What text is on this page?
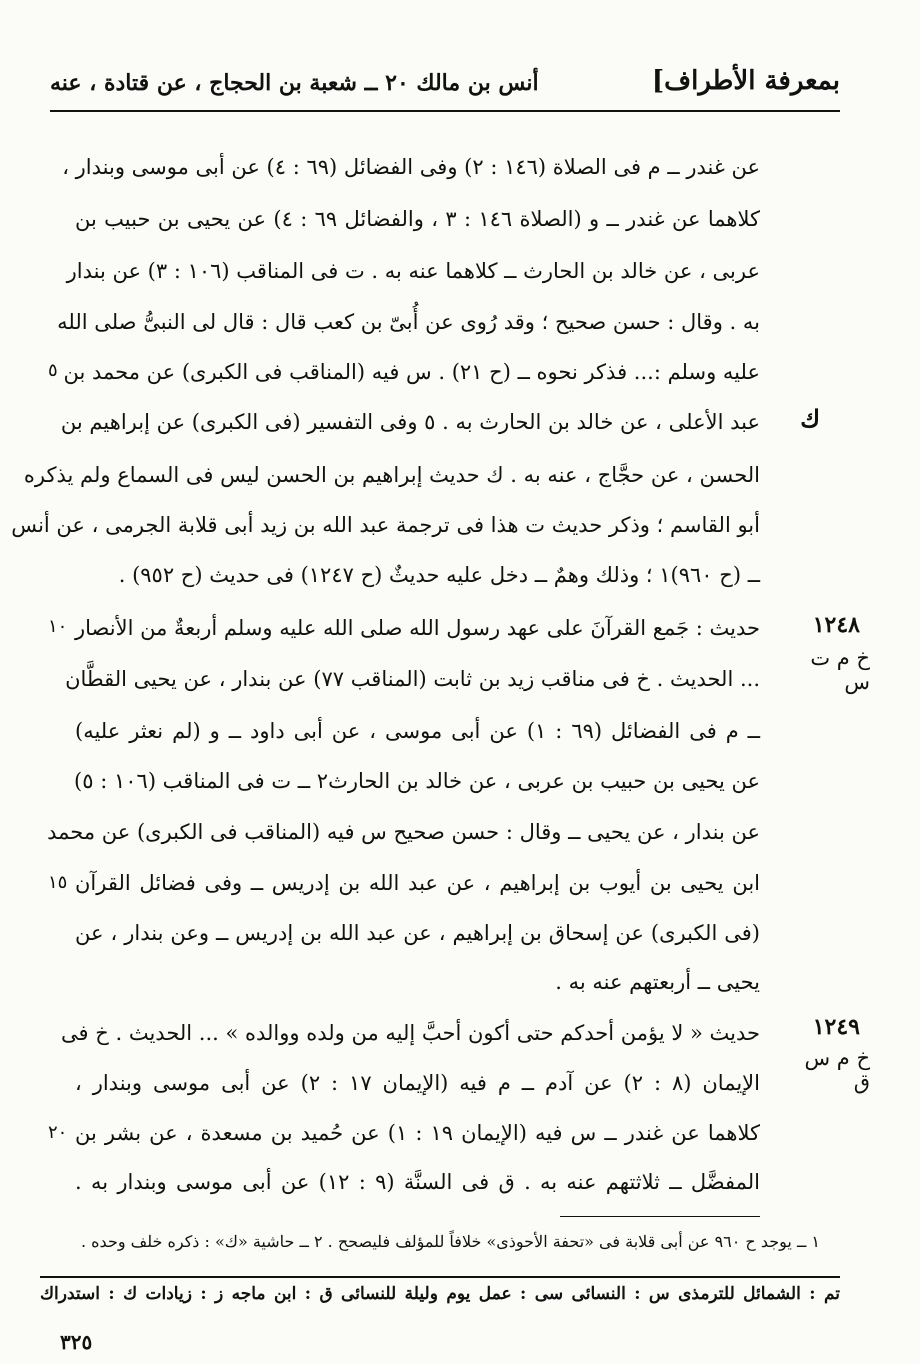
بمعرفة الأطراف]
أنس بن مالك ٢٠ ــ شعبة بن الحجاج ، عن قتادة ، عنه
عن غندر ــ م فى الصلاة (١٤٦ : ٢) وفى الفضائل (٦٩ : ٤) عن أبى موسى وبندار ،
كلاهما عن غندر ــ و (الصلاة ١٤٦ : ٣ ، والفضائل ٦٩ : ٤) عن يحيى بن حبيب بن
عربى ، عن خالد بن الحارث ــ كلاهما عنه به . ت فى المناقب (١٠٦ : ٣) عن بندار
به . وقال : حسن صحيح ؛ وقد رُوى عن أُبىّ بن كعب قال : قال لى النبىُّ صلى الله
عليه وسلم :... فذكر نحوه ــ (ح ٢١) . س فيه (المناقب فى الكبرى) عن محمد بن
عبد الأعلى ، عن خالد بن الحارث به . ٥ وفى التفسير (فى الكبرى) عن إبراهيم بن
الحسن ، عن حجَّاج ، عنه به . ك حديث إبراهيم بن الحسن ليس فى السماع ولم يذكره
أبو القاسم ؛ وذكر حديث ت هذا فى ترجمة عبد الله بن زيد أبى قلابة الجرمى ، عن أنس
ــ (ح ٩٦٠)١ ؛ وذلك وهمٌ ــ دخل عليه حديثٌ (ح ١٢٤٧) فى حديث (ح ٩٥٢) .
حديث : جَمع القرآنَ على عهد رسول الله صلى الله عليه وسلم أربعةٌ من الأنصار
... الحديث . خ فى مناقب زيد بن ثابت (المناقب ٧٧) عن بندار ، عن يحيى القطَّان
ــ م فى الفضائل (٦٩ : ١) عن أبى موسى ، عن أبى داود ــ و (لم نعثر عليه)
عن يحيى بن حبيب بن عربى ، عن خالد بن الحارث٢ ــ ت فى المناقب (١٠٦ : ٥)
عن بندار ، عن يحيى ــ وقال : حسن صحيح س فيه (المناقب فى الكبرى) عن محمد
ابن يحيى بن أيوب بن إبراهيم ، عن عبد الله بن إدريس ــ وفى فضائل القرآن
(فى الكبرى) عن إسحاق بن إبراهيم ، عن عبد الله بن إدريس ــ وعن بندار ، عن
يحيى ــ أربعتهم عنه به .
حديث « لا يؤمن أحدكم حتى أكون أحبَّ إليه من ولده ووالده » ... الحديث . خ فى
الإيمان (٨ : ٢) عن آدم ــ م فيه (الإيمان ١٧ : ٢) عن أبى موسى وبندار ،
كلاهما عن غندر ــ س فيه (الإيمان ١٩ : ١) عن حُميد بن مسعدة ، عن بشر بن
المفضَّل ــ ثلاثتهم عنه به . ق فى السنَّة (٩ : ١٢) عن أبى موسى وبندار به .
ك
١٢٤٨
خ م ت س
١٢٤٩
خ م س ق
٥
١٠
١٥
٢٠
١ ــ يوجد ح ٩٦٠ عن أبى قلابة فى «تحفة الأحوذى» خلافاً للمؤلف فليصحح . ٢ ــ حاشية «ك» : ذكره خلف وحده .
تم : الشمائل للترمذى س : النسائى سى : عمل يوم وليلة للنسائى ق : ابن ماجه ز : زيادات ك : استدراك
٣٢٥
